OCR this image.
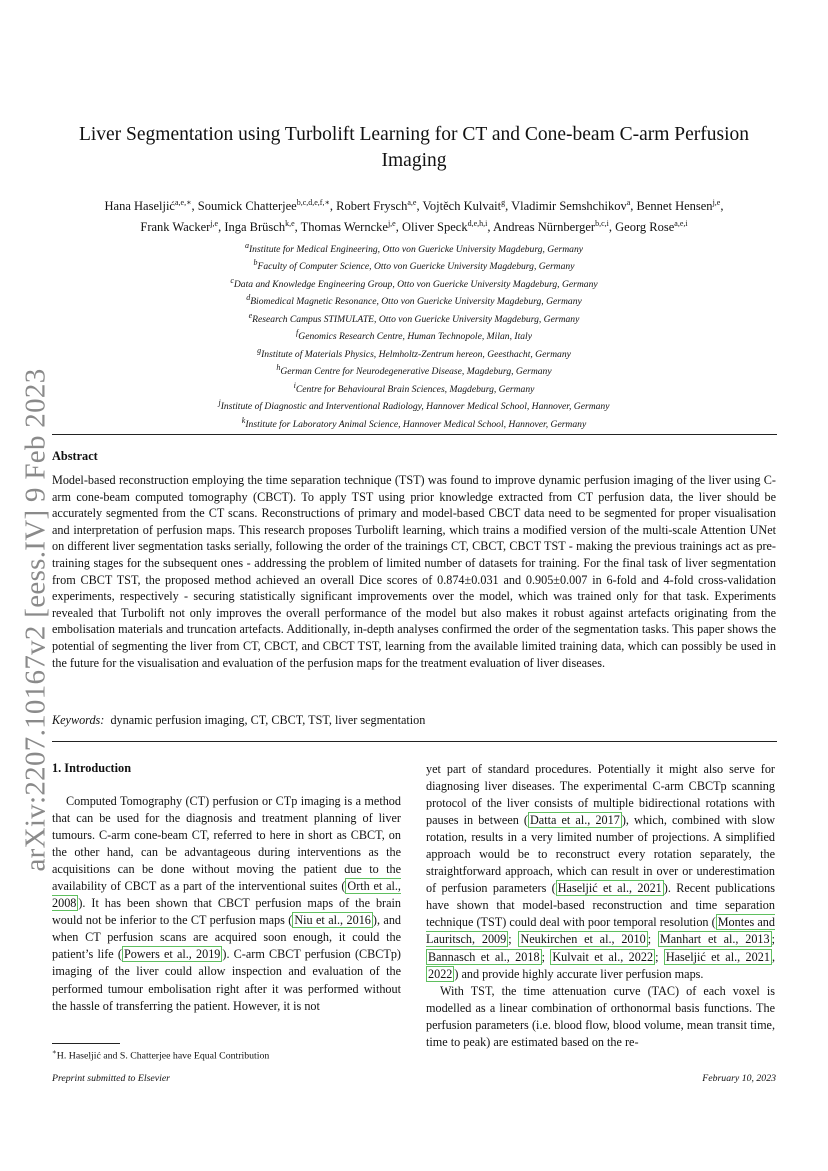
arXiv:2207.10167v2 [eess.IV] 9 Feb 2023
Liver Segmentation using Turbolift Learning for CT and Cone-beam C-arm Perfusion Imaging
Hana Haseljić$^{a,e,∗}$, Soumick Chatterjee$^{b,c,d,e,f,∗}$, Robert Frysch$^{a,e}$, Vojtěch Kulvait$^g$, Vladimir Semshchikov$^a$, Bennet Hensen$^{j,e}$,
Frank Wacker$^{j,e}$, Inga Brüsch$^{k,e}$, Thomas Werncke$^{j,e}$, Oliver Speck$^{d,e,h,i}$, Andreas Nürnberger$^{b,c,i}$, Georg Rose$^{a,e,i}$
$^a$Institute for Medical Engineering, Otto von Guericke University Magdeburg, Germany
$^b$Faculty of Computer Science, Otto von Guericke University Magdeburg, Germany
$^c$Data and Knowledge Engineering Group, Otto von Guericke University Magdeburg, Germany
$^d$Biomedical Magnetic Resonance, Otto von Guericke University Magdeburg, Germany
$^e$Research Campus STIMULATE, Otto von Guericke University Magdeburg, Germany
$^f$Genomics Research Centre, Human Technopole, Milan, Italy
$^g$Institute of Materials Physics, Helmholtz-Zentrum hereon, Geesthacht, Germany
$^h$German Centre for Neurodegenerative Disease, Magdeburg, Germany
$^i$Centre for Behavioural Brain Sciences, Magdeburg, Germany
$^j$Institute of Diagnostic and Interventional Radiology, Hannover Medical School, Hannover, Germany
$^k$Institute for Laboratory Animal Science, Hannover Medical School, Hannover, Germany
Abstract
Model-based reconstruction employing the time separation technique (TST) was found to improve dynamic perfusion imaging of the liver using C-arm cone-beam computed tomography (CBCT). To apply TST using prior knowledge extracted from CT perfusion data, the liver should be accurately segmented from the CT scans. Reconstructions of primary and model-based CBCT data need to be segmented for proper visualisation and interpretation of perfusion maps. This research proposes Turbolift learning, which trains a modified version of the multi-scale Attention UNet on different liver segmentation tasks serially, following the order of the trainings CT, CBCT, CBCT TST - making the previous trainings act as pre-training stages for the subsequent ones - addressing the problem of limited number of datasets for training. For the final task of liver segmentation from CBCT TST, the proposed method achieved an overall Dice scores of 0.874±0.031 and 0.905±0.007 in 6-fold and 4-fold cross-validation experiments, respectively - securing statistically significant improvements over the model, which was trained only for that task. Experiments revealed that Turbolift not only improves the overall performance of the model but also makes it robust against artefacts originating from the embolisation materials and truncation artefacts. Additionally, in-depth analyses confirmed the order of the segmentation tasks. This paper shows the potential of segmenting the liver from CT, CBCT, and CBCT TST, learning from the available limited training data, which can possibly be used in the future for the visualisation and evaluation of the perfusion maps for the treatment evaluation of liver diseases.
Keywords: dynamic perfusion imaging, CT, CBCT, TST, liver segmentation
1. Introduction

Computed Tomography (CT) perfusion or CTp imaging is a method that can be used for the diagnosis and treatment planning of liver tumours. C-arm cone-beam CT, referred to here in short as CBCT, on the other hand, can be advantageous during interventions as the acquisitions can be done without moving the patient due to the availability of CBCT as a part of the interventional suites ( Orth et al., 2008 ). It has been shown that CBCT perfusion maps of the brain would not be inferior to the CT perfusion maps ( Niu et al., 2016 ), and when CT perfusion scans are acquired soon enough, it could the patient’s life ( Powers et al., 2019 ). C-arm CBCT perfusion (CBCTp) imaging of the liver could allow inspection and evaluation of the performed tumour embolisation right after it was performed without the hassle of transferring the patient. However, it is not

yet part of standard procedures. Potentially it might also serve for diagnosing liver diseases. The experimental C-arm CBCTp scanning protocol of the liver consists of multiple bidirectional rotations with pauses in between ( Datta et al., 2017 ), which, combined with slow rotation, results in a very limited number of projections. A simplified approach would be to reconstruct every rotation separately, the straightforward approach, which can result in over or underestimation of perfusion parameters ( Haseljić et al., 2021 ). Recent publications have shown that model-based reconstruction and time separation technique (TST) could deal with poor temporal resolution ( Montes and Lauritsch, 2009 ; Neukirchen et al., 2010 ; Manhart et al., 2013 ; Bannasch et al., 2018 ; Kulvait et al., 2022 ; Haseljić et al., 2021 , 2022 ) and provide highly accurate liver perfusion maps.

With TST, the time attenuation curve (TAC) of each voxel is modelled as a linear combination of orthonormal basis functions. The perfusion parameters (i.e. blood flow, blood volume, mean transit time, time to peak) are estimated based on the re-

∗H. Haseljić and S. Chatterjee have Equal Contribution
Preprint submitted to Elsevier	February 10, 2023
